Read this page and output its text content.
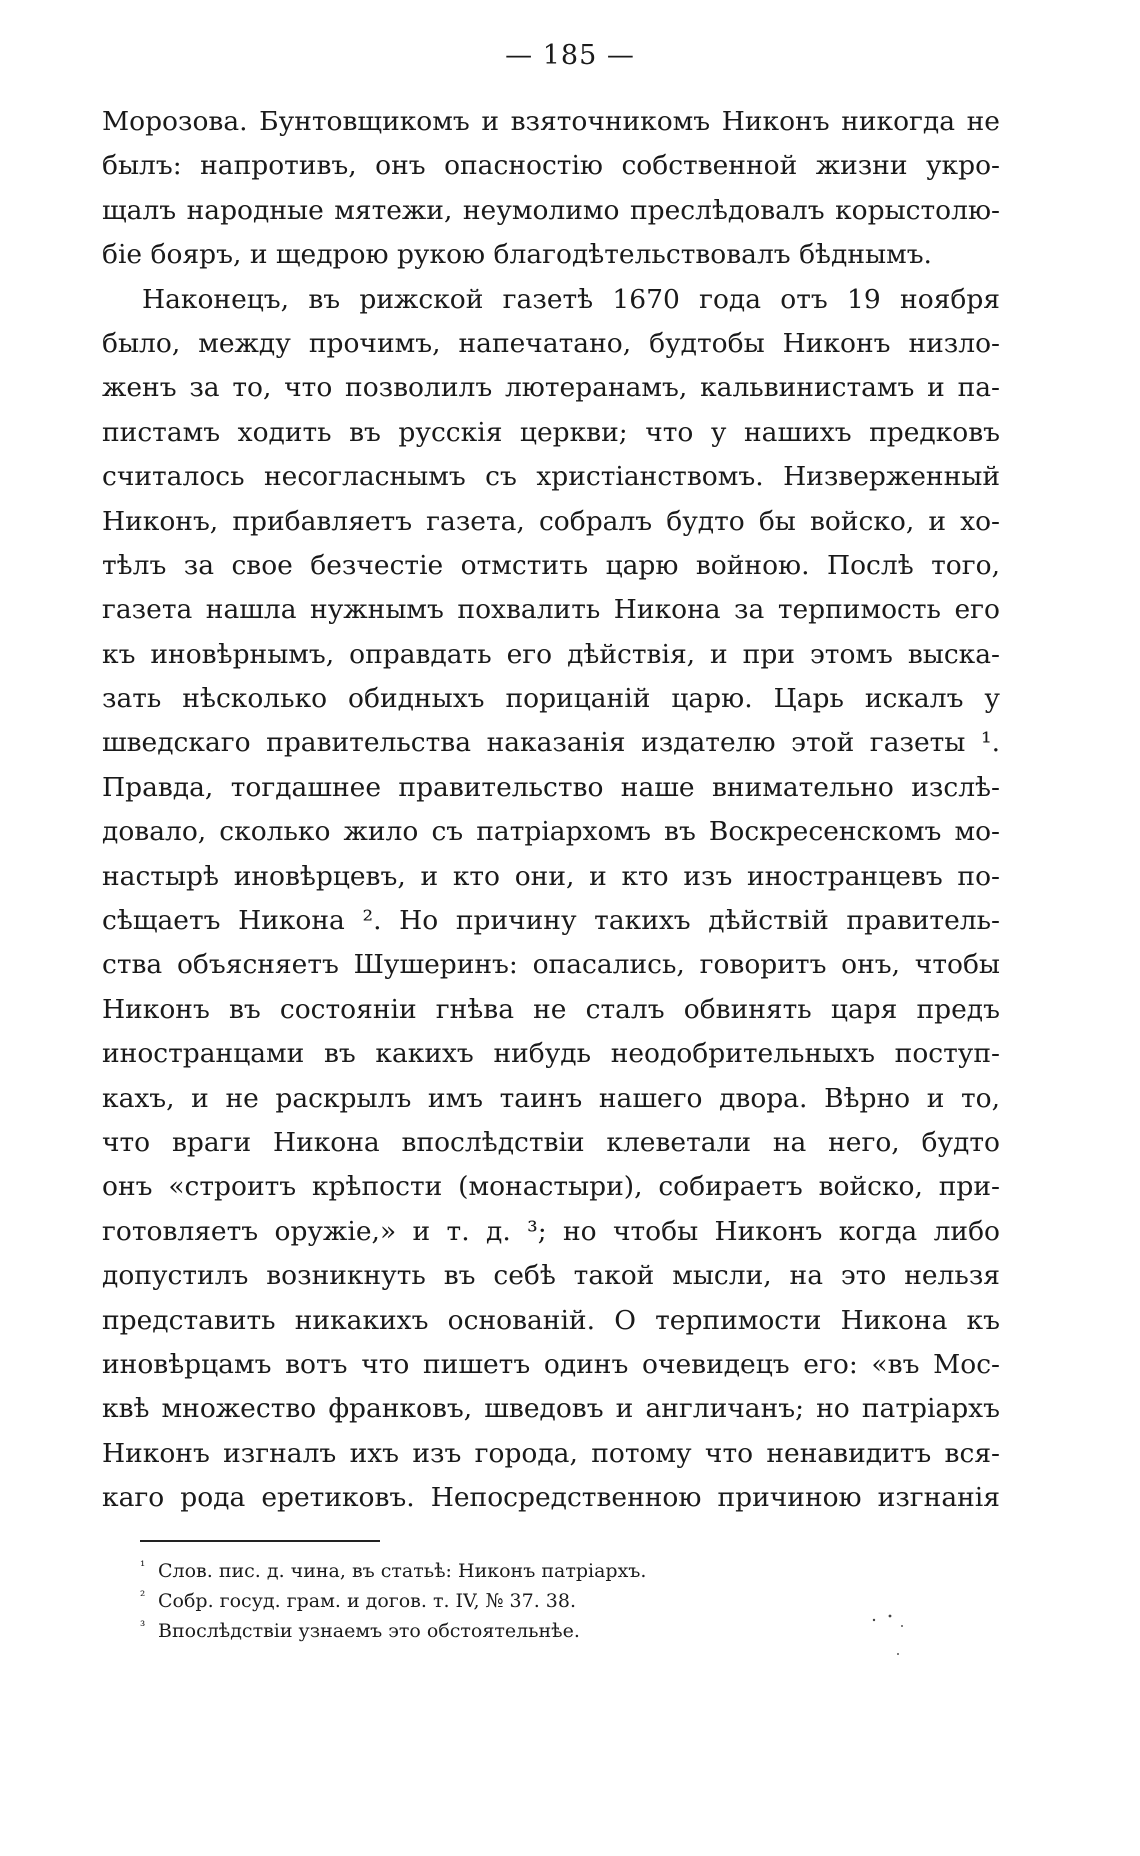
— 185 —
Морозова. Бунтовщикомъ и взяточникомъ Никонъ никогда не
былъ: напротивъ, онъ опасностію собственной жизни укро-
щалъ народные мятежи, неумолимо преслѣдовалъ корыстолю-
біе бояръ, и щедрою рукою благодѣтельствовалъ бѣднымъ.
Наконецъ, въ рижской газетѣ 1670 года отъ 19 ноября
было, между прочимъ, напечатано, будтобы Никонъ низло-
женъ за то, что позволилъ лютеранамъ, кальвинистамъ и па-
пистамъ ходить въ русскія церкви; что у нашихъ предковъ
считалось несогласнымъ съ христіанствомъ. Низверженный
Никонъ, прибавляетъ газета, собралъ будто бы войско, и хо-
тѣлъ за свое безчестіе отмстить царю войною. Послѣ того,
газета нашла нужнымъ похвалить Никона за терпимость его
къ иновѣрнымъ, оправдать его дѣйствія, и при этомъ выска-
зать нѣсколько обидныхъ порицаній царю. Царь искалъ у
шведскаго правительства наказанія издателю этой газеты ¹.
Правда, тогдашнее правительство наше внимательно изслѣ-
довало, сколько жило съ патріархомъ въ Воскресенскомъ мо-
настырѣ иновѣрцевъ, и кто они, и кто изъ иностранцевъ по-
сѣщаетъ Никона ². Но причину такихъ дѣйствій правитель-
ства объясняетъ Шушеринъ: опасались, говоритъ онъ, чтобы
Никонъ въ состояніи гнѣва не сталъ обвинять царя предъ
иностранцами въ какихъ нибудь неодобрительныхъ поступ-
кахъ, и не раскрылъ имъ таинъ нашего двора. Вѣрно и то,
что враги Никона впослѣдствіи клеветали на него, будто
онъ «строитъ крѣпости (монастыри), собираетъ войско, при-
готовляетъ оружіе,» и т. д. ³; но чтобы Никонъ когда либо
допустилъ возникнуть въ себѣ такой мысли, на это нельзя
представить никакихъ основаній. О терпимости Никона къ
иновѣрцамъ вотъ что пишетъ одинъ очевидецъ его: «въ Мос-
квѣ множество франковъ, шведовъ и англичанъ; но патріархъ
Никонъ изгналъ ихъ изъ города, потому что ненавидитъ вся-
каго рода еретиковъ. Непосредственною причиною изгнанія
¹ Слов. пис. д. чина, въ статьѣ: Никонъ патріархъ.
² Собр. госуд. грам. и догов. т. IV, № 37. 38.
³ Впослѣдствіи узнаемъ это обстоятельнѣе.
